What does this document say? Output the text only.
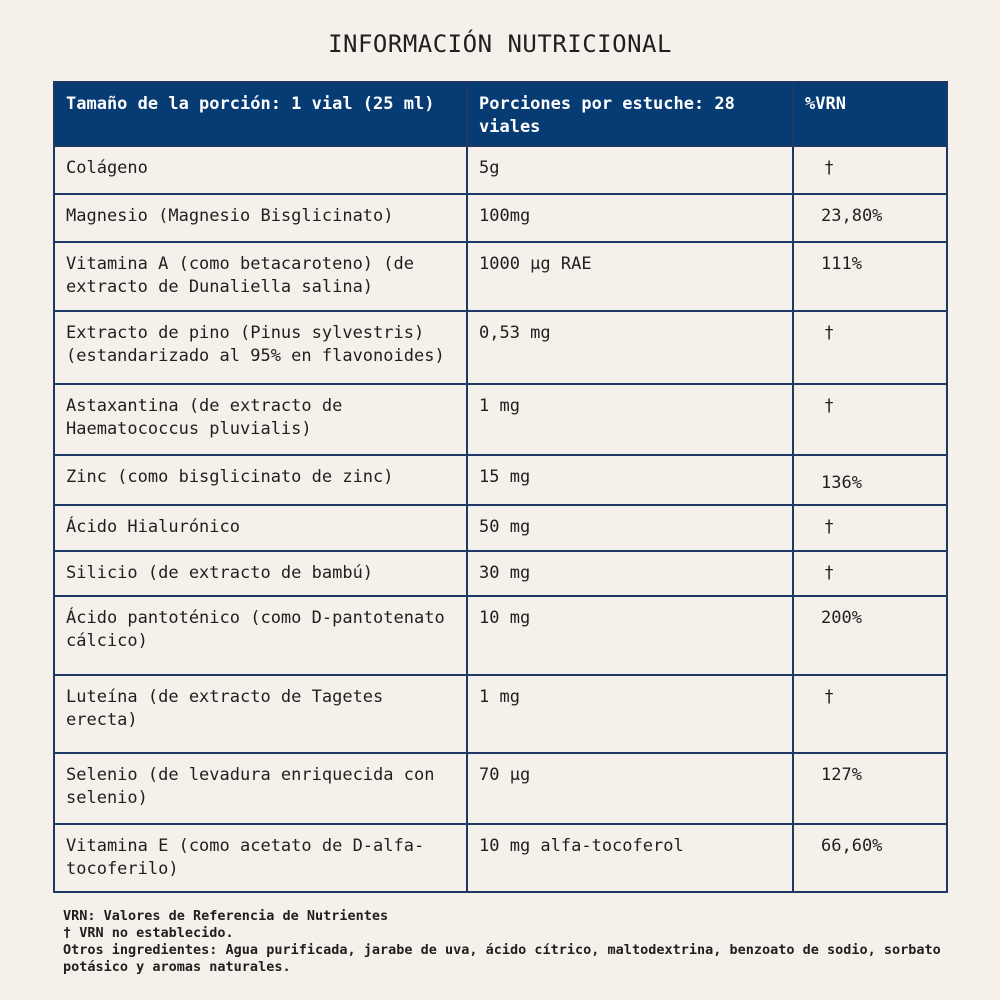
INFORMACIÓN NUTRICIONAL
Tamaño de la porción: 1 vial (25 ml)	Porciones por estuche: 28 viales	%VRN
Colágeno	5g	†
Magnesio (Magnesio Bisglicinato)	100mg	23,80%
Vitamina A (como betacaroteno) (de extracto de Dunaliella salina)	1000 µg RAE	111%
Extracto de pino (Pinus sylvestris) (estandarizado al 95% en flavonoides)	0,53 mg	†
Astaxantina (de extracto de Haematococcus pluvialis)	1 mg	†
Zinc (como bisglicinato de zinc)	15 mg	136%
Ácido Hialurónico	50 mg	†
Silicio (de extracto de bambú)	30 mg	†
Ácido pantoténico (como D-pantotenato cálcico)	10 mg	200%
Luteína (de extracto de Tagetes erecta)	1 mg	†
Selenio (de levadura enriquecida con selenio)	70 µg	127%
Vitamina E (como acetato de D-alfa-tocoferilo)	10 mg alfa-tocoferol	66,60%
VRN: Valores de Referencia de Nutrientes
† VRN no establecido.
Otros ingredientes: Agua purificada, jarabe de uva, ácido cítrico, maltodextrina, benzoato de sodio, sorbato potásico y aromas naturales.
